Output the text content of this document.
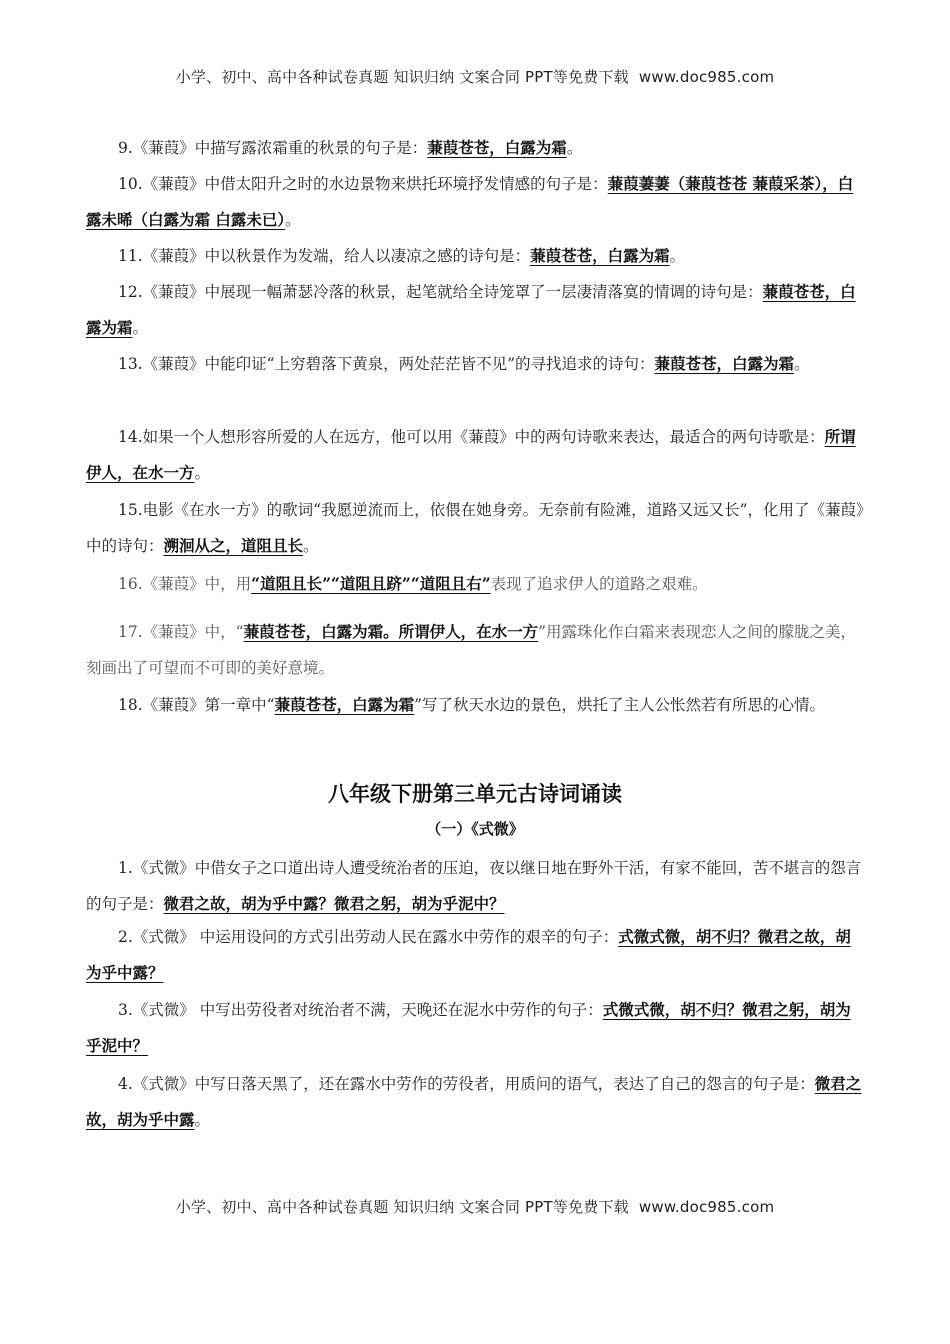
小学、初中、高中各种试卷真题 知识归纳 文案合同 PPT等免费下载 www.doc985.com
9.《蒹葭》中描写露浓霜重的秋景的句子是：蒹葭苍苍，白露为霜。
10.《蒹葭》中借太阳升之时的水边景物来烘托环境抒发情感的句子是：蒹葭萋萋（蒹葭苍苍 蒹葭采茶），白露未晞（白露为霜 白露未已）。
11.《蒹葭》中以秋景作为发端，给人以凄凉之感的诗句是：蒹葭苍苍，白露为霜。
12.《蒹葭》中展现一幅萧瑟冷落的秋景，起笔就给全诗笼罩了一层凄清落寞的情调的诗句是：蒹葭苍苍，白露为霜。
13.《蒹葭》中能印证“上穷碧落下黄泉，两处茫茫皆不见”的寻找追求的诗句：蒹葭苍苍，白露为霜。
14.如果一个人想形容所爱的人在远方，他可以用《蒹葭》中的两句诗歌来表达，最适合的两句诗歌是：所谓伊人，在水一方。
15.电影《在水一方》的歌词“我愿逆流而上，依偎在她身旁。无奈前有险滩，道路又远又长”，化用了《蒹葭》中的诗句：溯洄从之，道阻且长。
16.《蒹葭》中，用“道阻且长”“道阻且跻”“道阻且右”表现了追求伊人的道路之艰难。
17.《蒹葭》中，“蒹葭苍苍，白露为霜。所谓伊人，在水一方”用露珠化作白霜来表现恋人之间的朦胧之美，刻画出了可望而不可即的美好意境。
18.《蒹葭》第一章中“蒹葭苍苍，白露为霜”写了秋天水边的景色，烘托了主人公怅然若有所思的心情。
八年级下册第三单元古诗词诵读
（一）《式微》
1.《式微》中借女子之口道出诗人遭受统治者的压迫，夜以继日地在野外干活，有家不能回，苦不堪言的怨言的句子是：微君之故，胡为乎中露？微君之躬，胡为乎泥中？
2.《式微》 中运用设问的方式引出劳动人民在露水中劳作的艰辛的句子：式微式微，胡不归？微君之故，胡为乎中露？
3.《式微》 中写出劳役者对统治者不满，天晚还在泥水中劳作的句子：式微式微，胡不归？微君之躬，胡为乎泥中？
4.《式微》中写日落天黑了，还在露水中劳作的劳役者，用质问的语气，表达了自己的怨言的句子是：微君之故，胡为乎中露。
小学、初中、高中各种试卷真题 知识归纳 文案合同 PPT等免费下载 www.doc985.com
